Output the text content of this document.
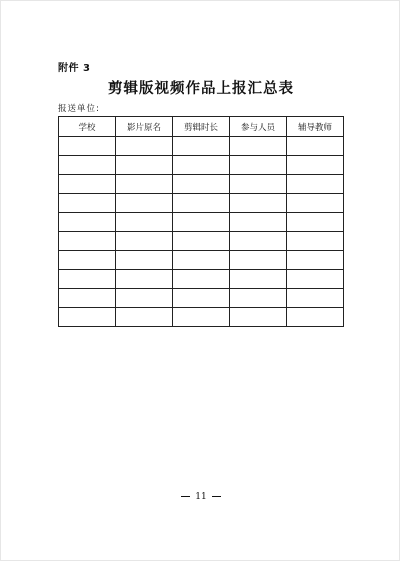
附件 3
剪辑版视频作品上报汇总表
报送单位:
学校	影片原名	剪辑时长	参与人员	辅导教师

11
